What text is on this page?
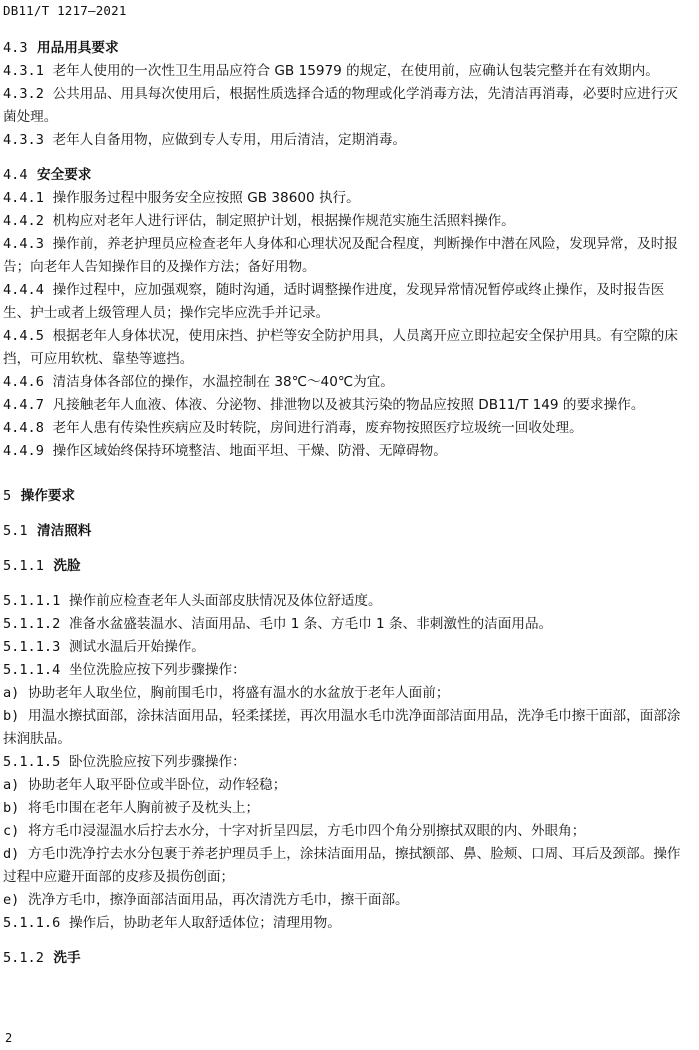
DB11/T 1217—2021

4.3 用品用具要求

4.3.1 老年人使用的一次性卫生用品应符合 GB 15979 的规定，在使用前，应确认包装完整并在有效期内。

4.3.2 公共用品、用具每次使用后，根据性质选择合适的物理或化学消毒方法，先清洁再消毒，必要时应进行灭菌处理。

4.3.3 老年人自备用物，应做到专人专用，用后清洁，定期消毒。

4.4 安全要求

4.4.1 操作服务过程中服务安全应按照 GB 38600 执行。

4.4.2 机构应对老年人进行评估，制定照护计划，根据操作规范实施生活照料操作。

4.4.3 操作前，养老护理员应检查老年人身体和心理状况及配合程度，判断操作中潜在风险，发现异常，及时报告；向老年人告知操作目的及操作方法；备好用物。

4.4.4 操作过程中，应加强观察，随时沟通，适时调整操作进度，发现异常情况暂停或终止操作，及时报告医生、护士或者上级管理人员；操作完毕应洗手并记录。

4.4.5 根据老年人身体状况，使用床挡、护栏等安全防护用具，人员离开应立即拉起安全保护用具。有空隙的床挡，可应用软枕、靠垫等遮挡。

4.4.6 清洁身体各部位的操作，水温控制在 38℃～40℃为宜。

4.4.7 凡接触老年人血液、体液、分泌物、排泄物以及被其污染的物品应按照 DB11/T 149 的要求操作。

4.4.8 老年人患有传染性疾病应及时转院，房间进行消毒，废弃物按照医疗垃圾统一回收处理。

4.4.9 操作区域始终保持环境整洁、地面平坦、干燥、防滑、无障碍物。

5 操作要求

5.1 清洁照料

5.1.1 洗脸

5.1.1.1 操作前应检查老年人头面部皮肤情况及体位舒适度。

5.1.1.2 准备水盆盛装温水、洁面用品、毛巾 1 条、方毛巾 1 条、非刺激性的洁面用品。

5.1.1.3 测试水温后开始操作。

5.1.1.4 坐位洗脸应按下列步骤操作：

a) 协助老年人取坐位，胸前围毛巾，将盛有温水的水盆放于老年人面前；

b) 用温水擦拭面部，涂抹洁面用品，轻柔揉搓，再次用温水毛巾洗净面部洁面用品，洗净毛巾擦干面部，面部涂抹润肤品。

5.1.1.5 卧位洗脸应按下列步骤操作：

a) 协助老年人取平卧位或半卧位，动作轻稳；

b) 将毛巾围在老年人胸前被子及枕头上；

c) 将方毛巾浸湿温水后拧去水分，十字对折呈四层，方毛巾四个角分别擦拭双眼的内、外眼角；

d) 方毛巾洗净拧去水分包裹于养老护理员手上，涂抹洁面用品，擦拭额部、鼻、脸颊、口周、耳后及颈部。操作过程中应避开面部的皮疹及损伤创面；

e) 洗净方毛巾，擦净面部洁面用品，再次清洗方毛巾，擦干面部。

5.1.1.6 操作后，协助老年人取舒适体位；清理用物。

5.1.2 洗手

2
